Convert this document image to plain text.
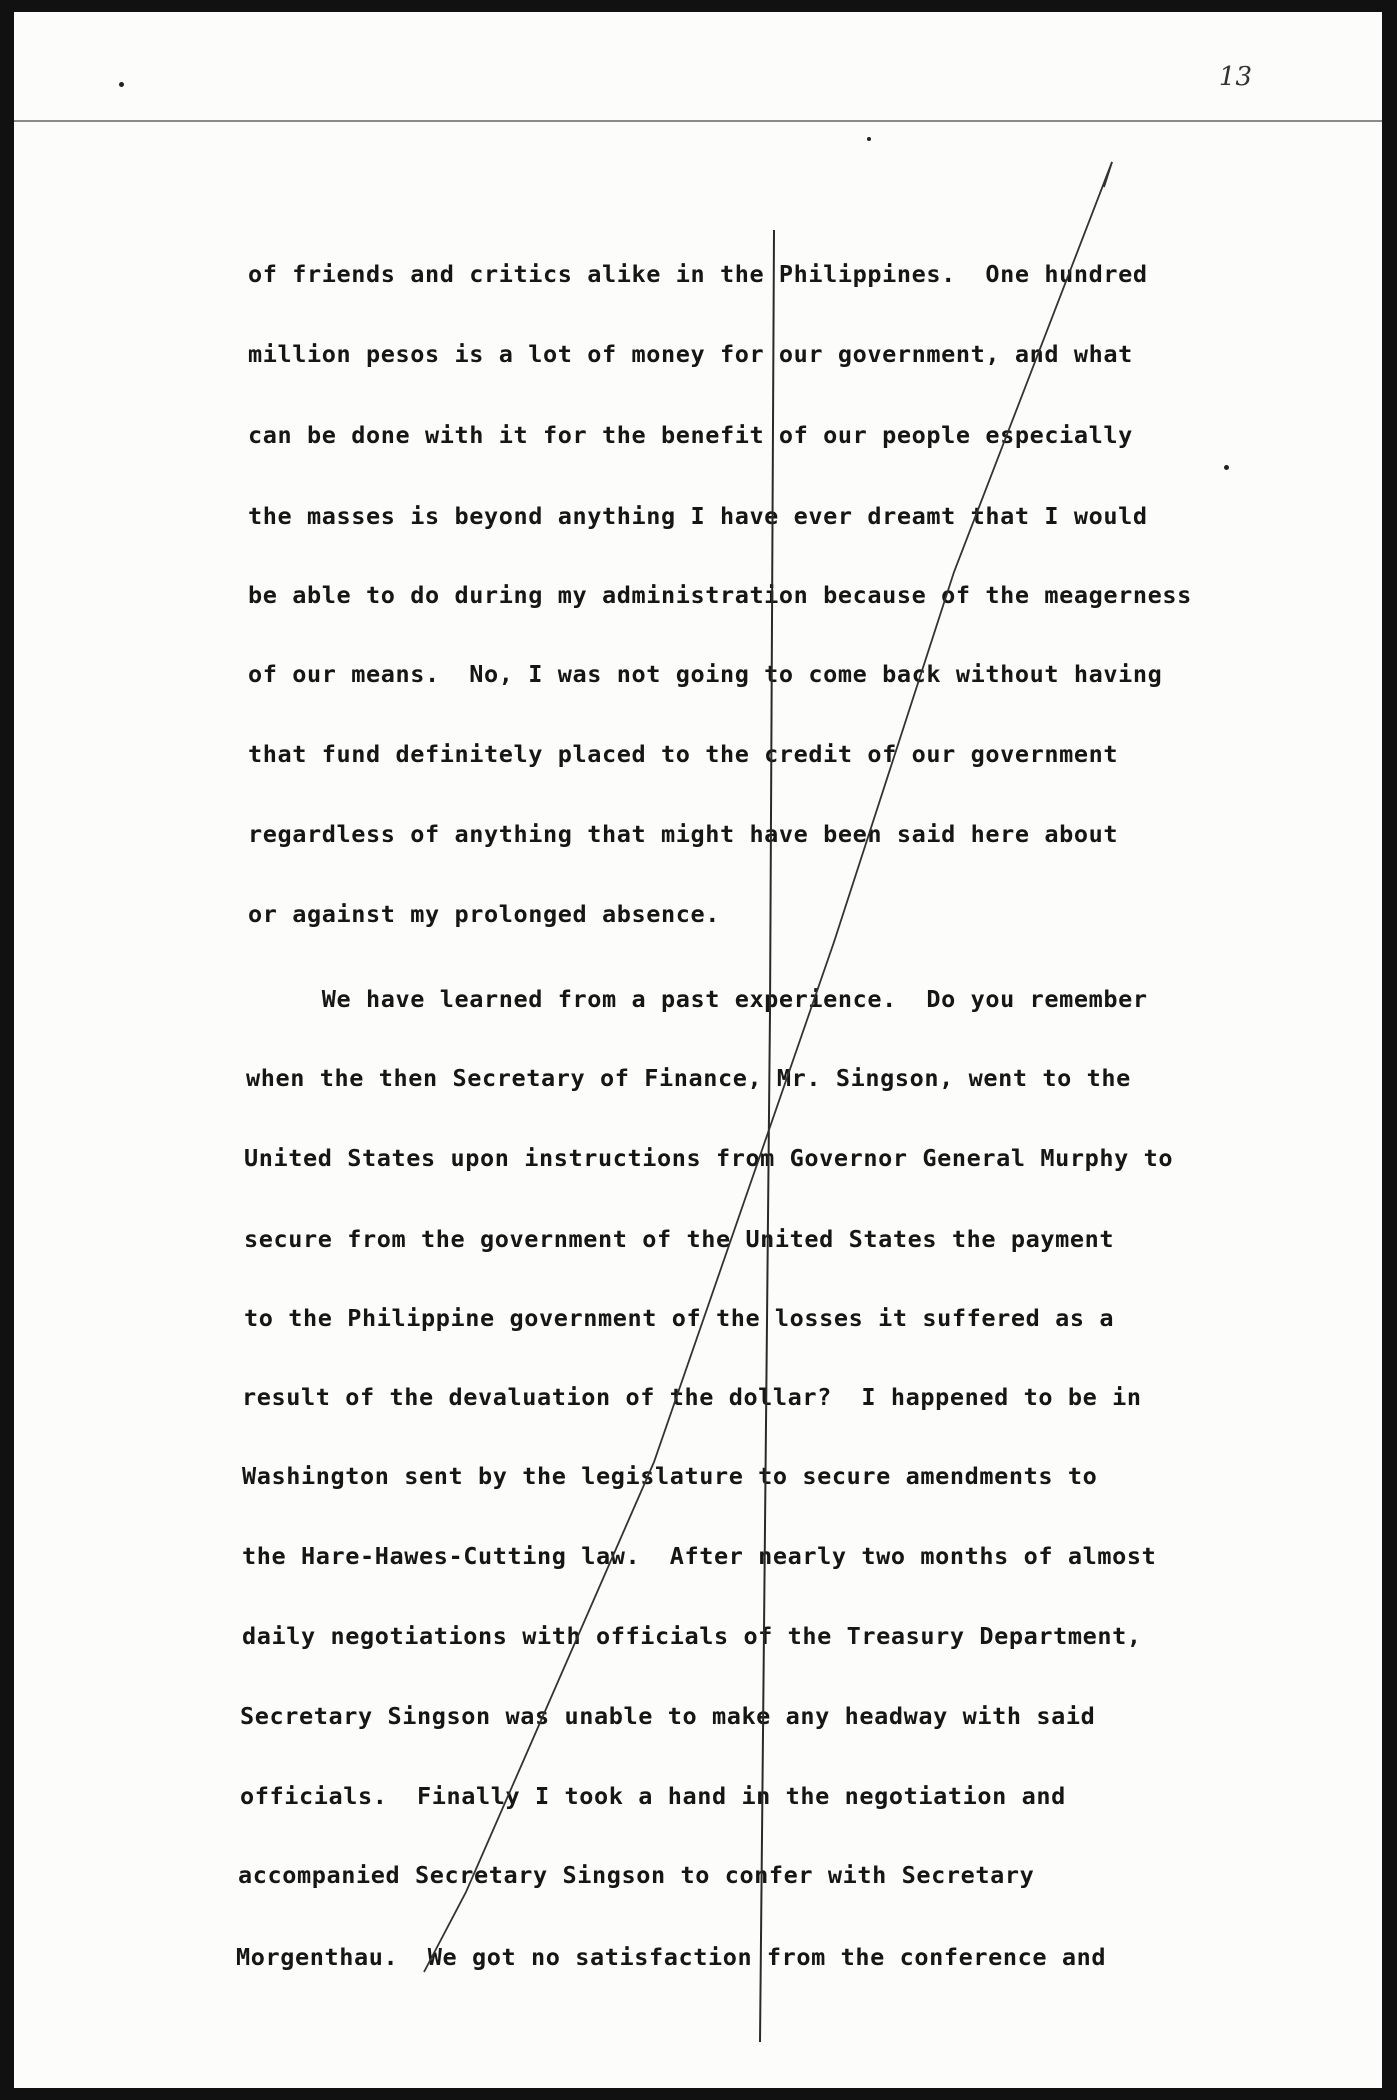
13
of friends and critics alike in the Philippines.  One hundred
million pesos is a lot of money for our government, and what
can be done with it for the benefit of our people especially
the masses is beyond anything I have ever dreamt that I would
be able to do during my administration because of the meagerness
of our means.  No, I was not going to come back without having
that fund definitely placed to the credit of our government
regardless of anything that might have been said here about
or against my prolonged absence.
We have learned from a past experience.  Do you remember
when the then Secretary of Finance, Mr. Singson, went to the
United States upon instructions from Governor General Murphy to
secure from the government of the United States the payment
to the Philippine government of the losses it suffered as a
result of the devaluation of the dollar?  I happened to be in
Washington sent by the legislature to secure amendments to
the Hare-Hawes-Cutting law.  After nearly two months of almost
daily negotiations with officials of the Treasury Department,
Secretary Singson was unable to make any headway with said
officials.  Finally I took a hand in the negotiation and
accompanied Secretary Singson to confer with Secretary
Morgenthau.  We got no satisfaction from the conference and
